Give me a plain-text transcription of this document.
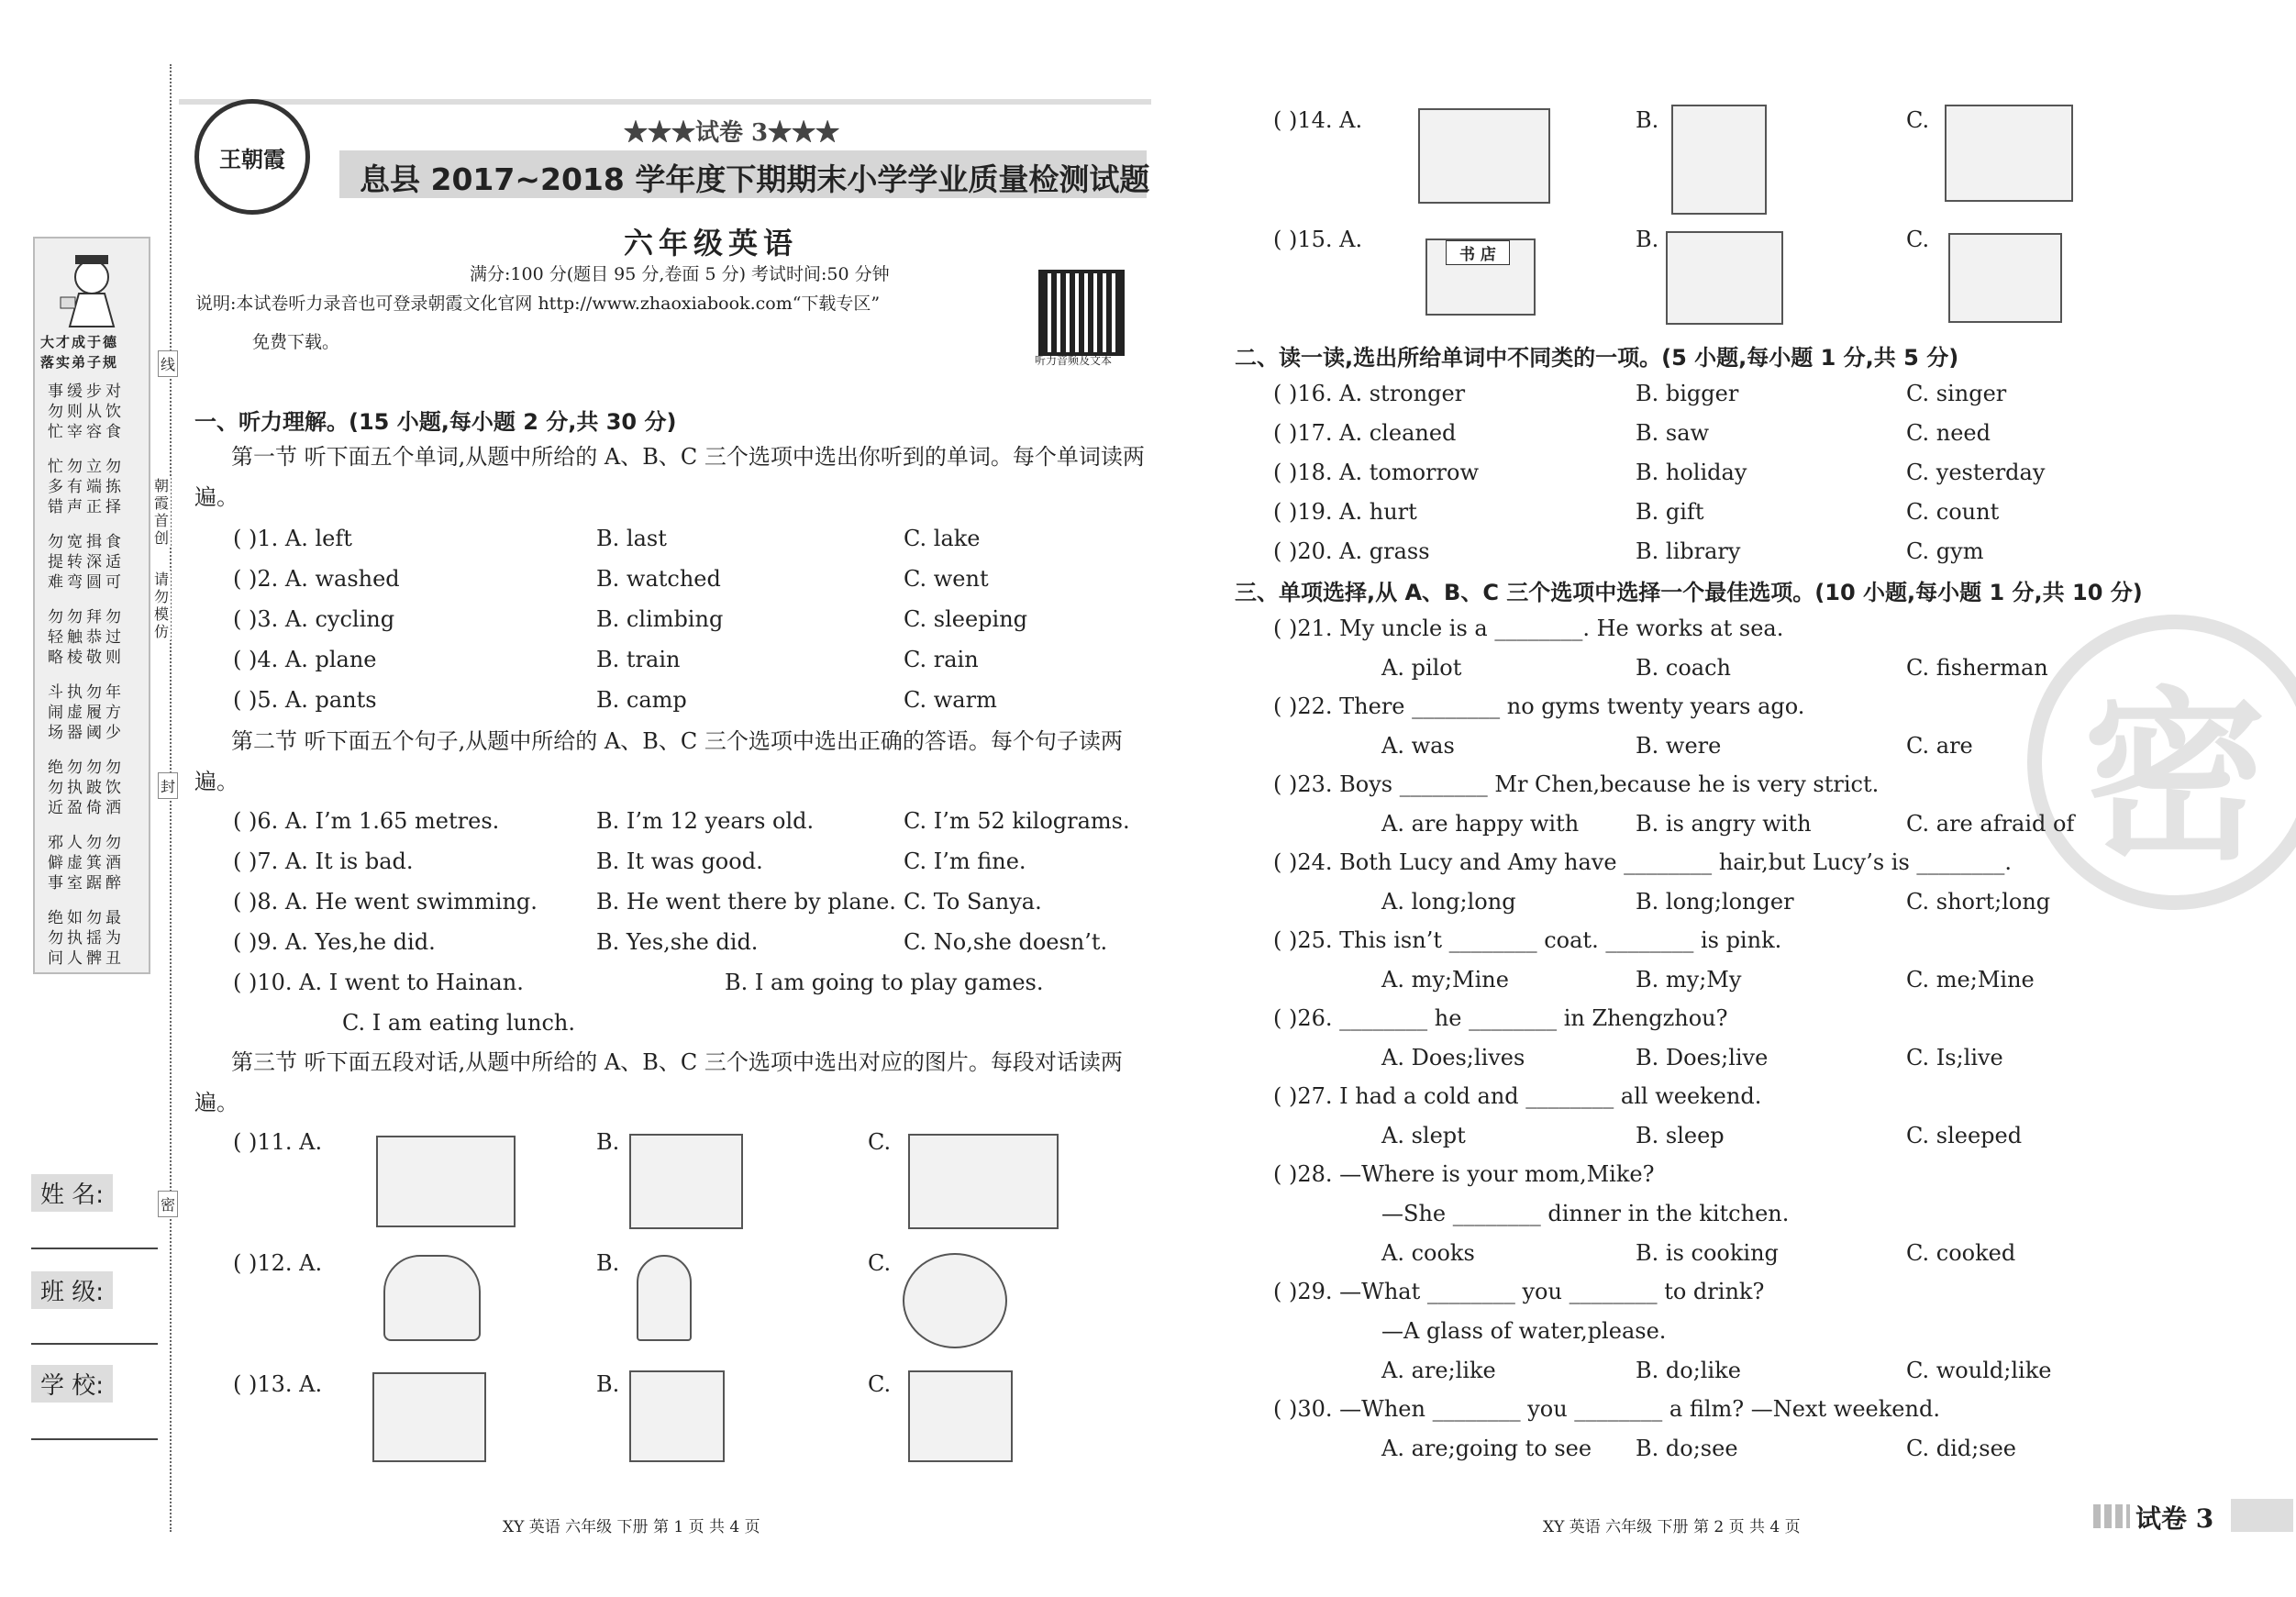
大才成于德
落实弟子规
事缓步对
勿则从饮
忙宰容食
忙勿立勿
多有端拣
错声正择
勿宽揖食
提转深适
难弯圆可
勿勿拜勿
轻触恭过
略棱敬则
斗执勿年
闹虚履方
场器阈少
绝勿勿勿
勿执跛饮
近盈倚洒
邪人勿勿
僻虚箕酒
事室踞醉
绝如勿最
勿执揺为
问人髀丑
线
朝霞首创
请勿模仿
封
密
姓 名:
班 级:
学 校:
王朝霞
★★★试卷 3★★★
息县 2017~2018 学年度下期期末小学学业质量检测试题
六年级英语
满分:100 分(题目 95 分,卷面 5 分) 考试时间:50 分钟
说明:本试卷听力录音也可登录朝霞文化官网 http://www.zhaoxiabook.com“下载专区”
免费下载。
听力音频及文本
一、听力理解。(15 小题,每小题 2 分,共 30 分)
第一节 听下面五个单词,从题中所给的 A、B、C 三个选项中选出你听到的单词。每个单词读两遍。
( )1. A. left	B. last	C. lake
( )2. A. washed	B. watched	C. went
( )3. A. cycling	B. climbing	C. sleeping
( )4. A. plane	B. train	C. rain
( )5. A. pants	B. camp	C. warm
第二节 听下面五个句子,从题中所给的 A、B、C 三个选项中选出正确的答语。每个句子读两遍。
( )6. A. I’m 1.65 metres.	B. I’m 12 years old.	C. I’m 52 kilograms.
( )7. A. It is bad.	B. It was good.	C. I’m fine.
( )8. A. He went swimming.	B. He went there by plane. C. To Sanya.
( )9. A. Yes,he did.	B. Yes,she did.	C. No,she doesn’t.
( )10. A. I went to Hainan.	B. I am going to play games.
C. I am eating lunch.
第三节 听下面五段对话,从题中所给的 A、B、C 三个选项中选出对应的图片。每段对话读两遍。
( )11. A.	B.	C.
( )12. A.	B.	C.
( )13. A.	B.	C.
XY 英语 六年级 下册 第 1 页 共 4 页
( )14. A.	B.	C.
( )15. A.
书 店
B.	C.
二、读一读,选出所给单词中不同类的一项。(5 小题,每小题 1 分,共 5 分)
( )16. A. stronger	B. bigger	C. singer
( )17. A. cleaned	B. saw	C. need
( )18. A. tomorrow	B. holiday	C. yesterday
( )19. A. hurt	B. gift	C. count
( )20. A. grass	B. library	C. gym
三、单项选择,从 A、B、C 三个选项中选择一个最佳选项。(10 小题,每小题 1 分,共 10 分)
密
( )21. My uncle is a ________. He works at sea.
A. pilot	B. coach	C. fisherman
( )22. There ________ no gyms twenty years ago.
A. was	B. were	C. are
( )23. Boys ________ Mr Chen,because he is very strict.
A. are happy with	B. is angry with	C. are afraid of
( )24. Both Lucy and Amy have ________ hair,but Lucy’s is ________.
A. long;long	B. long;longer	C. short;long
( )25. This isn’t ________ coat. ________ is pink.
A. my;Mine	B. my;My	C. me;Mine
( )26. ________ he ________ in Zhengzhou?
A. Does;lives	B. Does;live	C. Is;live
( )27. I had a cold and ________ all weekend.
A. slept	B. sleep	C. sleeped
( )28. —Where is your mom,Mike?
—She ________ dinner in the kitchen.
A. cooks	B. is cooking	C. cooked
( )29. —What ________ you ________ to drink?
—A glass of water,please.
A. are;like	B. do;like	C. would;like
( )30. —When ________ you ________ a film? —Next weekend.
A. are;going to see B. do;see	C. did;see
XY 英语 六年级 下册 第 2 页 共 4 页	试卷 3
